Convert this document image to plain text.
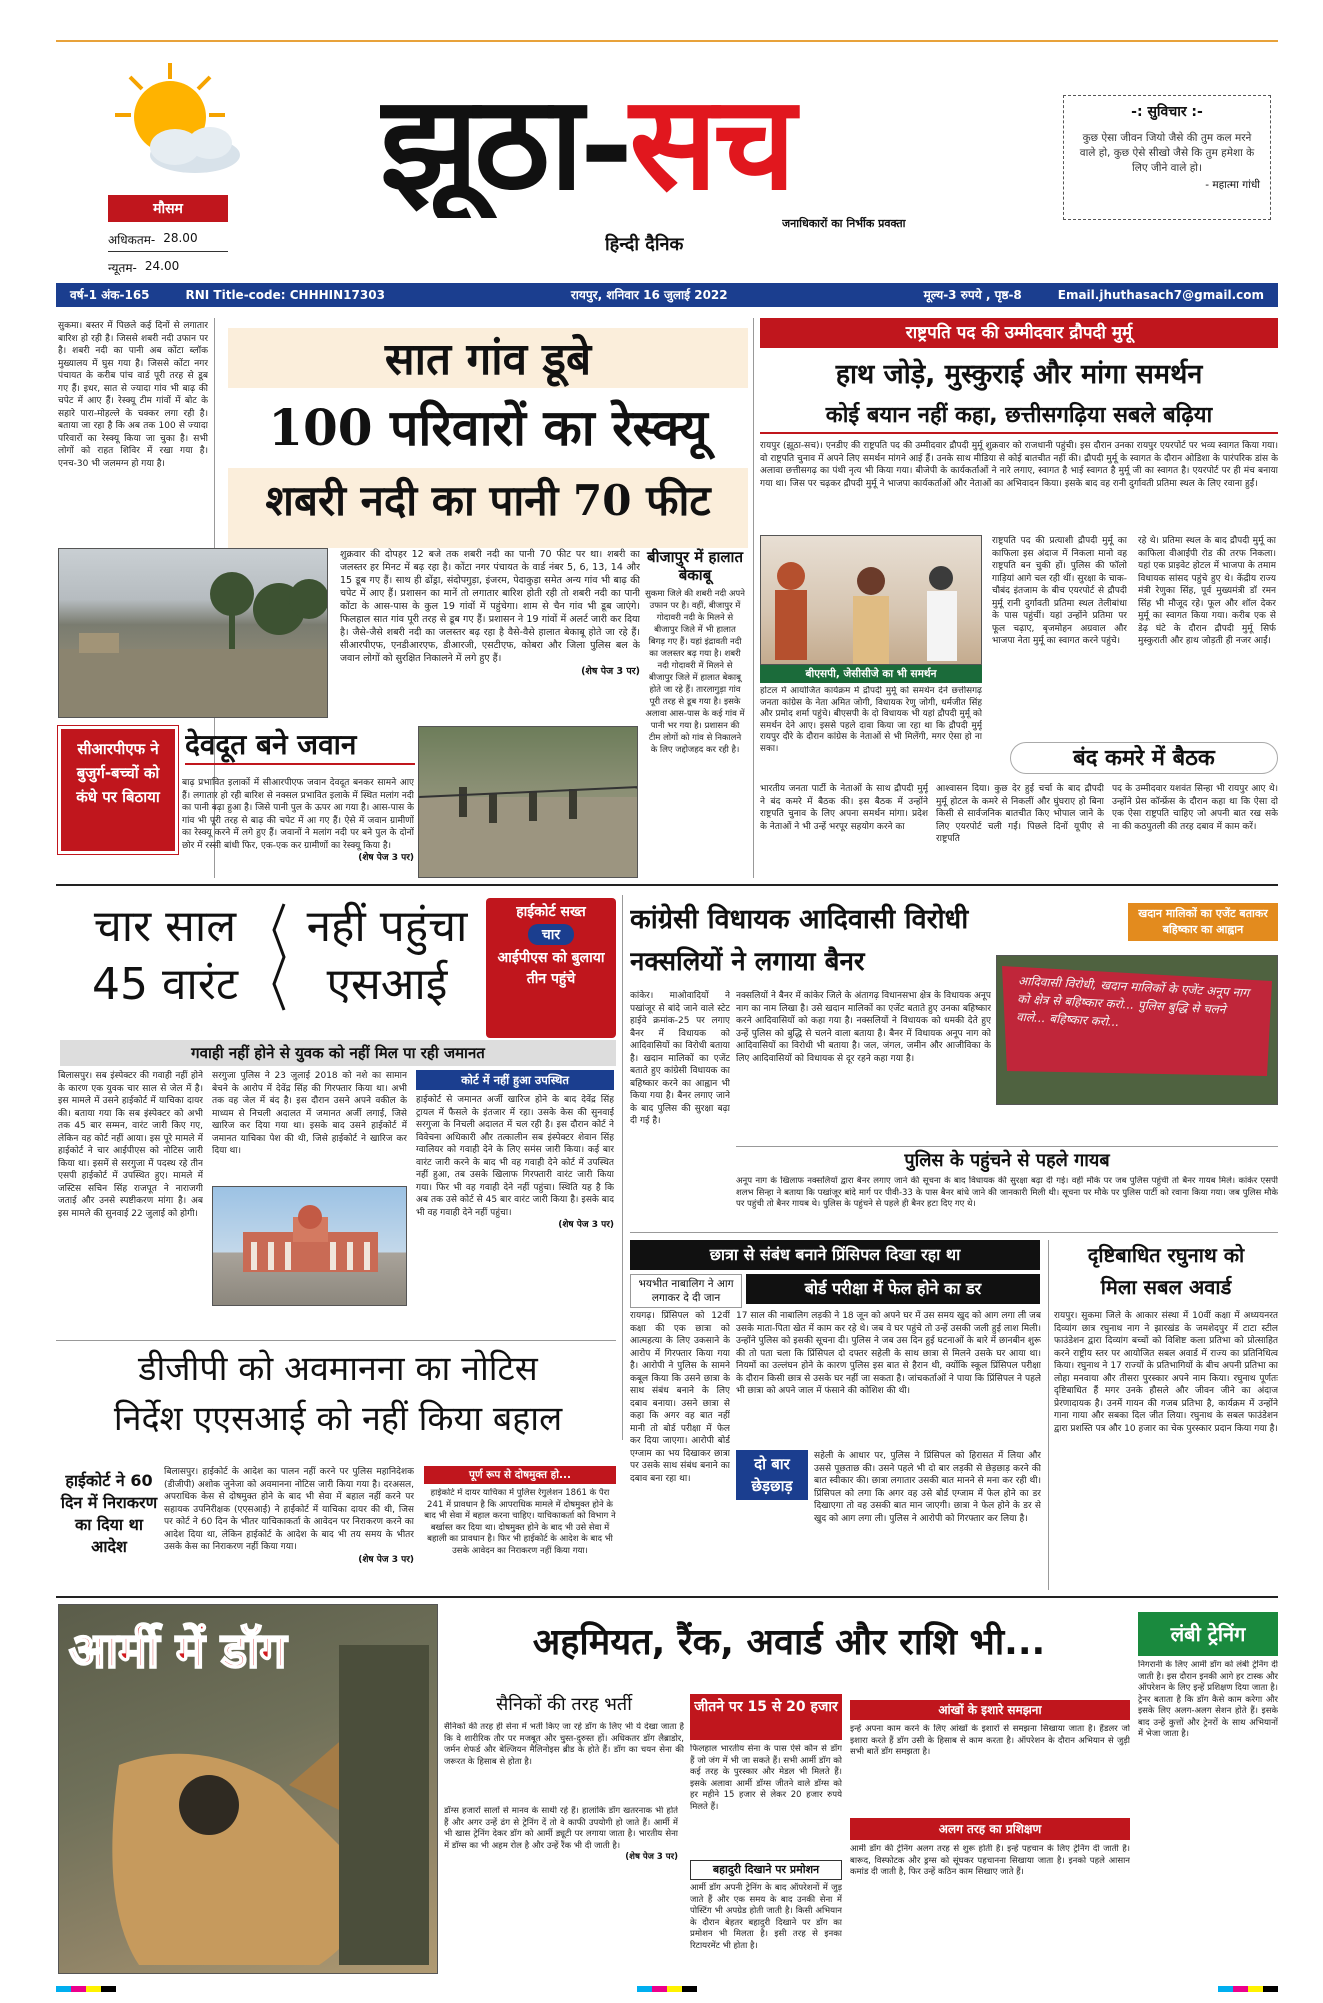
मौसम
अधिकतम- 28.00
न्यूतम- 24.00
झूठा-सच
हिन्दी दैनिक
जनाधिकारों का निर्भीक प्रवक्ता
-: सुविचार :-
कुछ ऐसा जीवन जियो जैसे की तुम कल मरने वाले हो, कुछ ऐसे सीखो जैसे कि तुम हमेशा के लिए जीने वाले हो।
- महात्मा गांधी
वर्ष-1 अंक-165	RNI Title-code: CHHHIN17303	रायपुर, शनिवार 16 जुलाई 2022	मूल्य-3 रुपये , पृष्ठ-8	Email.jhuthasach7@gmail.com
सुकमा। बस्तर में पिछले कई दिनों से लगातार बारिश हो रही है। जिससे शबरी नदी उफान पर है। शबरी नदी का पानी अब कोंटा ब्लॉक मुख्यालय में घुस गया है। जिससे कोंटा नगर पंचायत के करीब पांच वार्ड पूरी तरह से डूब गए हैं। इधर, सात से ज्यादा गांव भी बाढ़ की चपेट में आए हैं। रेस्क्यू टीम गांवों में बोट के सहारे पारा-मोहल्ले के चक्कर लगा रही है। बताया जा रहा है कि अब तक 100 से ज्यादा परिवारों का रेस्क्यू किया जा चुका है। सभी लोगों को राहत शिविर में रखा गया है। एनच-30 भी जलमग्न हो गया है।
सात गांव डूबे
100 परिवारों का रेस्क्यू
शबरी नदी का पानी 70 फीट
शुक्रवार की दोपहर 12 बजे तक शबरी नदी का पानी 70 फीट पर था। शबरी का जलस्तर हर मिनट में बढ़ रहा है। कोंटा नगर पंचायत के वार्ड नंबर 5, 6, 13, 14 और 15 डूब गए हैं। साथ ही ढोंड्रा, संदोपगुड़ा, इंजरम, पेदाकुड़ा समेत अन्य गांव भी बाढ़ की चपेट में आए हैं। प्रशासन का मानें तो लगातार बारिश होती रही तो शबरी नदी का पानी कोंटा के आस-पास के कुल 19 गांवों में पहुंचेगा। शाम से चैन गांव भी डूब जाएंगे। फिलहाल सात गांव पूरी तरह से डूब गए हैं। प्रशासन ने 19 गांवों में अलर्ट जारी कर दिया है। जैसे-जैसे शबरी नदी का जलस्तर बढ़ रहा है वैसे-वैसे हालात बेकाबू होते जा रहे हैं। सीआरपीएफ, एनडीआरएफ, डीआरजी, एसटीएफ, कोबरा और जिला पुलिस बल के जवान लोगों को सुरक्षित निकालने में लगे हुए हैं।
(शेष पेज 3 पर)
बीजापुर में हालात बेकाबू
सुकमा जिले की शबरी नदी अपने उफान पर है। वहीं, बीजापुर में गोदावरी नदी के मिलने से बीजापुर जिले में भी हालात बिगड़ गए हैं। यहां इंद्रावती नदी का जलस्तर बढ़ गया है। शबरी नदी गोदावरी में मिलने से बीजापुर जिले में हालात बेकाबू होते जा रहे हैं। तारलागुड़ा गांव पूरी तरह से डूब गया है। इसके अलावा आस-पास के कई गांव में पानी भर गया है। प्रशासन की टीम लोगों को गांव से निकालने के लिए जद्दोजहद कर रही है।
सीआरपीएफ ने बुजुर्ग-बच्चों को कंधे पर बिठाया
देवदूत बने जवान
बाढ़ प्रभावित इलाकों में सीआरपीएफ जवान देवदूत बनकर सामने आए हैं। लगातार हो रही बारिश से नक्सल प्रभावित इलाके में स्थित मलांग नदी का पानी बढ़ा हुआ है। जिसे पानी पुल के ऊपर आ गया है। आस-पास के गांव भी पूरी तरह से बाढ़ की चपेट में आ गए हैं। ऐसे में जवान ग्रामीणों का रेस्क्यू करने में लगे हुए हैं। जवानों ने मलांग नदी पर बने पुल के दोनों छोर में रस्सी बांधी फिर, एक-एक कर ग्रामीणों का रेस्क्यू किया है।
(शेष पेज 3 पर)
राष्ट्रपति पद की उम्मीदवार द्रौपदी मुर्मू
हाथ जोड़े, मुस्कुराई और मांगा समर्थन
कोई बयान नहीं कहा, छत्तीसगढ़िया सबले बढ़िया
रायपुर (झूठा-सच)। एनडीए की राष्ट्रपति पद की उम्मीदवार द्रौपदी मुर्मू शुक्रवार को राजधानी पहुंची। इस दौरान उनका रायपुर एयरपोर्ट पर भव्य स्वागत किया गया। वो राष्ट्रपति चुनाव में अपने लिए समर्थन मांगने आई हैं। उनके साथ मीडिया से कोई बातचीत नहीं की। द्रौपदी मुर्मू के स्वागत के दौरान ओडिशा के पारंपरिक डांस के अलावा छत्तीसगढ़ का पंथी नृत्य भी किया गया। बीजेपी के कार्यकर्ताओं ने नारे लगाए, स्वागत है भाई स्वागत है मुर्मू जी का स्वागत है। एयरपोर्ट पर ही मंच बनाया गया था। जिस पर चढ़कर द्रौपदी मुर्मू ने भाजपा कार्यकर्ताओं और नेताओं का अभिवादन किया। इसके बाद वह रानी दुर्गावती प्रतिमा स्थल के लिए रवाना हुईं।
बीएसपी, जेसीसीजे का भी समर्थन
होटल में आयोजित कार्यक्रम में द्रौपदी मुर्मू को समर्थन देने छत्तीसगढ़ जनता कांग्रेस के नेता अमित जोगी, विधायक रेणु जोगी, धर्मजीत सिंह और प्रमोद शर्मा पहुंचे। बीएसपी के दो विधायक भी यहां द्रौपदी मुर्मू को समर्थन देने आए। इससे पहले दावा किया जा रहा था कि द्रौपदी मुर्मू रायपुर दौरे के दौरान कांग्रेस के नेताओं से भी मिलेंगी, मगर ऐसा हो ना सका।
राष्ट्रपति पद की प्रत्याशी द्रौपदी मुर्मू का काफिला इस अंदाज में निकला मानो वह राष्ट्रपति बन चुकी हों। पुलिस की फॉलो गाड़ियां आगे चल रही थीं। सुरक्षा के चाक-चौबंद इंतजाम के बीच एयरपोर्ट से द्रौपदी मुर्मू रानी दुर्गावती प्रतिमा स्थल तेलीबांधा के पास पहुंचीं। यहां उन्होंने प्रतिमा पर फूल चढ़ाए, बृजमोहन अग्रवाल और भाजपा नेता मुर्मू का स्वागत करने पहुंचे।
रहे थे। प्रतिमा स्थल के बाद द्रौपदी मुर्मू का काफिला वीआईपी रोड की तरफ निकला। यहां एक प्राइवेट होटल में भाजपा के तमाम विधायक सांसद पहुंचे हुए थे। केंद्रीय राज्य मंत्री रेणुका सिंह, पूर्व मुख्यमंत्री डॉ रमन सिंह भी मौजूद रहे। फूल और शॉल देकर मुर्मू का स्वागत किया गया। करीब एक से डेढ़ घंटे के दौरान द्रौपदी मुर्मू सिर्फ मुस्कुराती और हाथ जोड़ती ही नजर आईं।
बंद कमरे में बैठक
भारतीय जनता पार्टी के नेताओं के साथ द्रौपदी मुर्मू ने बंद कमरे में बैठक की। इस बैठक में उन्होंने राष्ट्रपति चुनाव के लिए अपना समर्थन मांगा। प्रदेश के नेताओं ने भी उन्हें भरपूर सहयोग करने का
आश्वासन दिया। कुछ देर हुई चर्चा के बाद द्रौपदी मुर्मू होटल के कमरे से निकलीं और घुंघराए हो बिना किसी से सार्वजनिक बातचीत किए भोपाल जाने के लिए एयरपोर्ट चली गईं। पिछले दिनों यूपीए से राष्ट्रपति
पद के उम्मीदवार यशवंत सिन्हा भी रायपुर आए थे। उन्होंने प्रेस कॉन्फ्रेंस के दौरान कहा था कि ऐसा दो एक ऐसा राष्ट्रपति चाहिए जो अपनी बात रख सके ना की कठपुतली की तरह दबाव में काम करें।
चार साल
45 वारंट
नहीं पहुंचा
एसआई
हाईकोर्ट सख्त
चार
आईपीएस को बुलाया तीन पहुंचे
गवाही नहीं होने से युवक को नहीं मिल पा रही जमानत
बिलासपुर। सब इंस्पेक्टर की गवाही नहीं होने के कारण एक युवक चार साल से जेल में है। इस मामले में उसने हाईकोर्ट में याचिका दायर की। बताया गया कि सब इंस्पेक्टर को अभी तक 45 बार सम्मन, वारंट जारी किए गए, लेकिन वह कोर्ट नहीं आया। इस पूरे मामले में हाईकोर्ट ने चार आईपीएस को नोटिस जारी किया था। इसमें से सरगुजा में पदस्थ रहे तीन एसपी हाईकोर्ट में उपस्थित हुए। मामले में जस्टिस सचिन सिंह राजपूत ने नाराजगी जताई और उनसे स्पष्टीकरण मांगा है। अब इस मामले की सुनवाई 22 जुलाई को होगी।
सरगुजा पुलिस ने 23 जुलाई 2018 को नशे का सामान बेचने के आरोप में देवेंद्र सिंह की गिरफ्तार किया था। अभी तक वह जेल में बंद है। इस दौरान उसने अपने वकील के माध्यम से निचली अदालत में जमानत अर्जी लगाई, जिसे खारिज कर दिया गया था। इसके बाद उसने हाईकोर्ट में जमानत याचिका पेश की थी, जिसे हाईकोर्ट ने खारिज कर दिया था।
कोर्ट में नहीं हुआ उपस्थित
हाईकोर्ट से जमानत अर्जी खारिज होने के बाद देवेंद्र सिंह ट्रायल में फैसले के इंतजार में रहा। उसके केस की सुनवाई सरगुजा के निचली अदालत में चल रही है। इस दौरान कोर्ट ने विवेचना अधिकारी और तत्कालीन सब इंस्पेक्टर शेवान सिंह ग्वालियर को गवाही देने के लिए समंस जारी किया। कई बार वारंट जारी करने के बाद भी वह गवाही देने कोर्ट में उपस्थित नहीं हुआ, तब उसके खिलाफ गिरफ्तारी वारंट जारी किया गया। फिर भी वह गवाही देने नहीं पहुंचा। स्थिति यह है कि अब तक उसे कोर्ट से 45 बार वारंट जारी किया है। इसके बाद भी वह गवाही देने नहीं पहुंचा।
(शेष पेज 3 पर)
डीजीपी को अवमानना का नोटिस
निर्देश एएसआई को नहीं किया बहाल
हाईकोर्ट ने 60 दिन में निराकरण का दिया था आदेश
बिलासपुर। हाईकोर्ट के आदेश का पालन नहीं करने पर पुलिस महानिदेशक (डीजीपी) अशोक जुनेजा को अवमानना नोटिस जारी किया गया है। दरअसल, अपराधिक केस से दोषमुक्त होने के बाद भी सेवा में बहाल नहीं करने पर सहायक उपनिरीक्षक (एएसआई) ने हाईकोर्ट में याचिका दायर की थी, जिस पर कोर्ट ने 60 दिन के भीतर याचिकाकर्ता के आवेदन पर निराकरण करने का आदेश दिया था, लेकिन हाईकोर्ट के आदेश के बाद भी तय समय के भीतर उसके केस का निराकरण नहीं किया गया।
(शेष पेज 3 पर)
पूर्ण रूप से दोषमुक्त हो...
हाईकोर्ट में दायर याचिका में पुलिस रेगुलेशन 1861 के पैरा 241 में प्रावधान है कि आपराधिक मामले में दोषमुक्त होने के बाद भी सेवा में बहाल करना चाहिए। याचिकाकर्ता को विभाग ने बर्खास्त कर दिया था। दोषमुक्त होने के बाद भी उसे सेवा में बहाली का प्रावधान है। फिर भी हाईकोर्ट के आदेश के बाद भी उसके आवेदन का निराकरण नहीं किया गया।
कांग्रेसी विधायक आदिवासी विरोधी	खदान मालिकों का एजेंट बताकर बहिष्कार का आह्वान
नक्सलियों ने लगाया बैनर
कांकेर। माओवादियों ने पखांजूर से बांदे जाने वाले स्टेट हाईवे क्रमांक-25 पर लगाए बैनर में विधायक को आदिवासियों का विरोधी बताया है। खदान मालिकों का एजेंट बताते हुए कांग्रेसी विधायक का बहिष्कार करने का आह्वान भी किया गया है। बैनर लगाए जाने के बाद पुलिस की सुरक्षा बढ़ा दी गई है।
नक्सलियों ने बैनर में कांकेर जिले के अंतागढ़ विधानसभा क्षेत्र के विधायक अनूप नाग का नाम लिखा है। उसे खदान मालिकों का एजेंट बताते हुए उनका बहिष्कार करने आदिवासियों को कहा गया है। नक्सलियों ने विधायक को धमकी देते हुए उन्हें पुलिस को बुद्धि से चलने वाला बताया है। बैनर में विधायक अनूप नाग को आदिवासियों का विरोधी भी बताया है। जल, जंगल, जमीन और आजीविका के लिए आदिवासियों को विधायक से दूर रहने कहा गया है।
आदिवासी विरोधी, खदान मालिकों के एजेंट अनूप नाग को क्षेत्र से बहिष्कार करो... पुलिस बुद्धि से चलने वाले... बहिष्कार करो...
पुलिस के पहुंचने से पहले गायब
अनूप नाग के खिलाफ नक्सलियों द्वारा बैनर लगाए जाने की सूचना के बाद विधायक की सुरक्षा बढ़ा दी गई। वहीं मौके पर जब पुलिस पहुंची तो बैनर गायब मिले। कांकेर एसपी शलभ सिन्हा ने बताया कि पखांजूर बांदे मार्ग पर पीवी-33 के पास बैनर बांधे जाने की जानकारी मिली थी। सूचना पर मौके पर पुलिस पार्टी को रवाना किया गया। जब पुलिस मौके पर पहुंची तो बैनर गायब थे। पुलिस के पहुंचने से पहले ही बैनर हटा दिए गए थे।
छात्रा से संबंध बनाने प्रिंसिपल दिखा रहा था
भयभीत नाबालिग ने आग लगाकर दे दी जान	बोर्ड परीक्षा में फेल होने का डर
रायगढ़। प्रिंसिपल को 12वीं कक्षा की एक छात्रा को आत्महत्या के लिए उकसाने के आरोप में गिरफ्तार किया गया है। आरोपी ने पुलिस के सामने कबूल किया कि उसने छात्रा के साथ संबंध बनाने के लिए दबाव बनाया। उसने छात्रा से कहा कि अगर वह बात नहीं मानी तो बोर्ड परीक्षा में फेल कर दिया जाएगा। आरोपी बोर्ड एग्जाम का भय दिखाकर छात्रा पर उसके साथ संबंध बनाने का दबाव बना रहा था।
17 साल की नाबालिग लड़की ने 18 जून को अपने घर में उस समय खुद को आग लगा ली जब उसके माता-पिता खेत में काम कर रहे थे। जब वे घर पहुंचे तो उन्हें उसकी जली हुई लाश मिली। उन्होंने पुलिस को इसकी सूचना दी। पुलिस ने जब उस दिन हुई घटनाओं के बारे में छानबीन शुरू की तो पता चला कि प्रिंसिपल दो दफ्तर सहेली के साथ छात्रा से मिलने उसके घर आया था। नियमों का उल्लंघन होने के कारण पुलिस इस बात से हैरान थी, क्योंकि स्कूल प्रिंसिपल परीक्षा के दौरान किसी छात्र से उसके घर नहीं जा सकता है। जांचकर्ताओं ने पाया कि प्रिंसिपल ने पहले भी छात्रा को अपने जाल में फंसाने की कोशिश की थी।
दो बार छेड़छाड़
सहेली के आधार पर, पुलिस ने प्रिंसिपल को हिरासत में लिया और उससे पूछताछ की। उसने पहले भी दो बार लड़की से छेड़छाड़ करने की बात स्वीकार की। छात्रा लगातार उसकी बात मानने से मना कर रही थी। प्रिंसिपल को लगा कि अगर वह उसे बोर्ड एग्जाम में फेल होने का डर दिखाएगा तो वह उसकी बात मान जाएगी। छात्रा ने फेल होने के डर से खुद को आग लगा ली। पुलिस ने आरोपी को गिरफ्तार कर लिया है।
दृष्टिबाधित रघुनाथ को
मिला सबल अवार्ड
रायपुर। सुकमा जिले के आकार संस्था में 10वीं कक्षा में अध्ययनरत दिव्यांग छात्र रघुनाथ नाग ने झारखंड के जमशेदपुर में टाटा स्टील फाउंडेशन द्वारा दिव्यांग बच्चों को विशिष्ट कला प्रतिभा को प्रोत्साहित करने राष्ट्रीय स्तर पर आयोजित सबल अवार्ड में राज्य का प्रतिनिधित्व किया। रघुनाथ ने 17 राज्यों के प्रतिभागियों के बीच अपनी प्रतिभा का लोहा मनवाया और तीसरा पुरस्कार अपने नाम किया। रघुनाथ पूर्णतः दृष्टिबाधित हैं मगर उनके हौसले और जीवन जीने का अंदाज प्रेरणादायक है। उनमें गायन की गजब प्रतिभा है, कार्यक्रम में उन्होंने गाना गाया और सबका दिल जीत लिया। रघुनाथ के सबल फाउंडेशन द्वारा प्रशस्ति पत्र और 10 हजार का चेक पुरस्कार प्रदान किया गया है।
आर्मी में डॉग	अहमियत, रैंक, अवार्ड और राशि भी...	लंबी ट्रेनिंग
सैनिकों की तरह भर्ती
सैनिकों की तरह ही सेना में भर्ती किए जा रहे डॉग के लिए भी ये देखा जाता है कि वे शारीरिक तौर पर मजबूत और चुस्त-दुरुस्त हों। अधिकतर डॉग लैब्राडोर, जर्मन शेफर्ड और बेल्जियन मैलिनोइस ब्रीड के होते हैं। डॉग का चयन सेना की जरूरत के हिसाब से होता है।
डॉग्स हजारों सालों से मानव के साथी रहे हैं। हालांकि डॉग खतरनाक भी होते हैं और अगर उन्हें ढंग से ट्रेनिंग दें तो वे काफी उपयोगी हो जाते हैं। आर्मी में भी खास ट्रेनिंग देकर डॉग को आर्मी ड्यूटी पर लगाया जाता है। भारतीय सेना में डॉग्स का भी अहम रोल है और उन्हें रैंक भी दी जाती है।
(शेष पेज 3 पर)
जीतने पर 15 से 20 हजार
फिलहाल भारतीय सेना के पास ऐसे कौन से डॉग हैं जो जंग में भी जा सकते हैं। सभी आर्मी डॉग को कई तरह के पुरस्कार और मेडल भी मिलते हैं। इसके अलावा आर्मी डॉग्स जीतने वाले डॉग्स को हर महीने 15 हजार से लेकर 20 हजार रुपये मिलते हैं।
बहादुरी दिखाने पर प्रमोशन
आर्मी डॉग अपनी ट्रेनिंग के बाद ऑपरेशनों में जुड़ जाते हैं और एक समय के बाद उनकी सेना में पोस्टिंग भी अपग्रेड होती जाती है। किसी अभियान के दौरान बेहतर बहादुरी दिखाने पर डॉग का प्रमोशन भी मिलता है। इसी तरह से इनका रिटायरमेंट भी होता है।
आंखों के इशारे समझना
इन्हें अपना काम करने के लिए आंखों के इशारों से समझना सिखाया जाता है। हैंडलर जो इशारा करते हैं डॉग उसी के हिसाब से काम करता है। ऑपरेशन के दौरान अभियान से जुड़ी सभी बातें डॉग समझता है।
अलग तरह का प्रशिक्षण
आर्मी डॉग की ट्रेनिंग अलग तरह से शुरू होती है। इन्हें पहचान के लिए ट्रेनिंग दी जाती है। बारूद, विस्फोटक और ड्रग्स को सूंघकर पहचानना सिखाया जाता है। इनको पहले आसान कमांड दी जाती है, फिर उन्हें कठिन काम सिखाए जाते हैं।
निगरानी के लिए आर्मी डॉग को लंबी ट्रेनिंग दी जाती है। इस दौरान इनकी आगे हर टास्क और ऑपरेशन के लिए इन्हें प्रशिक्षण दिया जाता है। ट्रेनर बताता है कि डॉग कैसे काम करेगा और इसके लिए अलग-अलग सेशन होते हैं। इसके बाद उन्हें कुत्तों और ट्रेनरों के साथ अभियानों में भेजा जाता है।
